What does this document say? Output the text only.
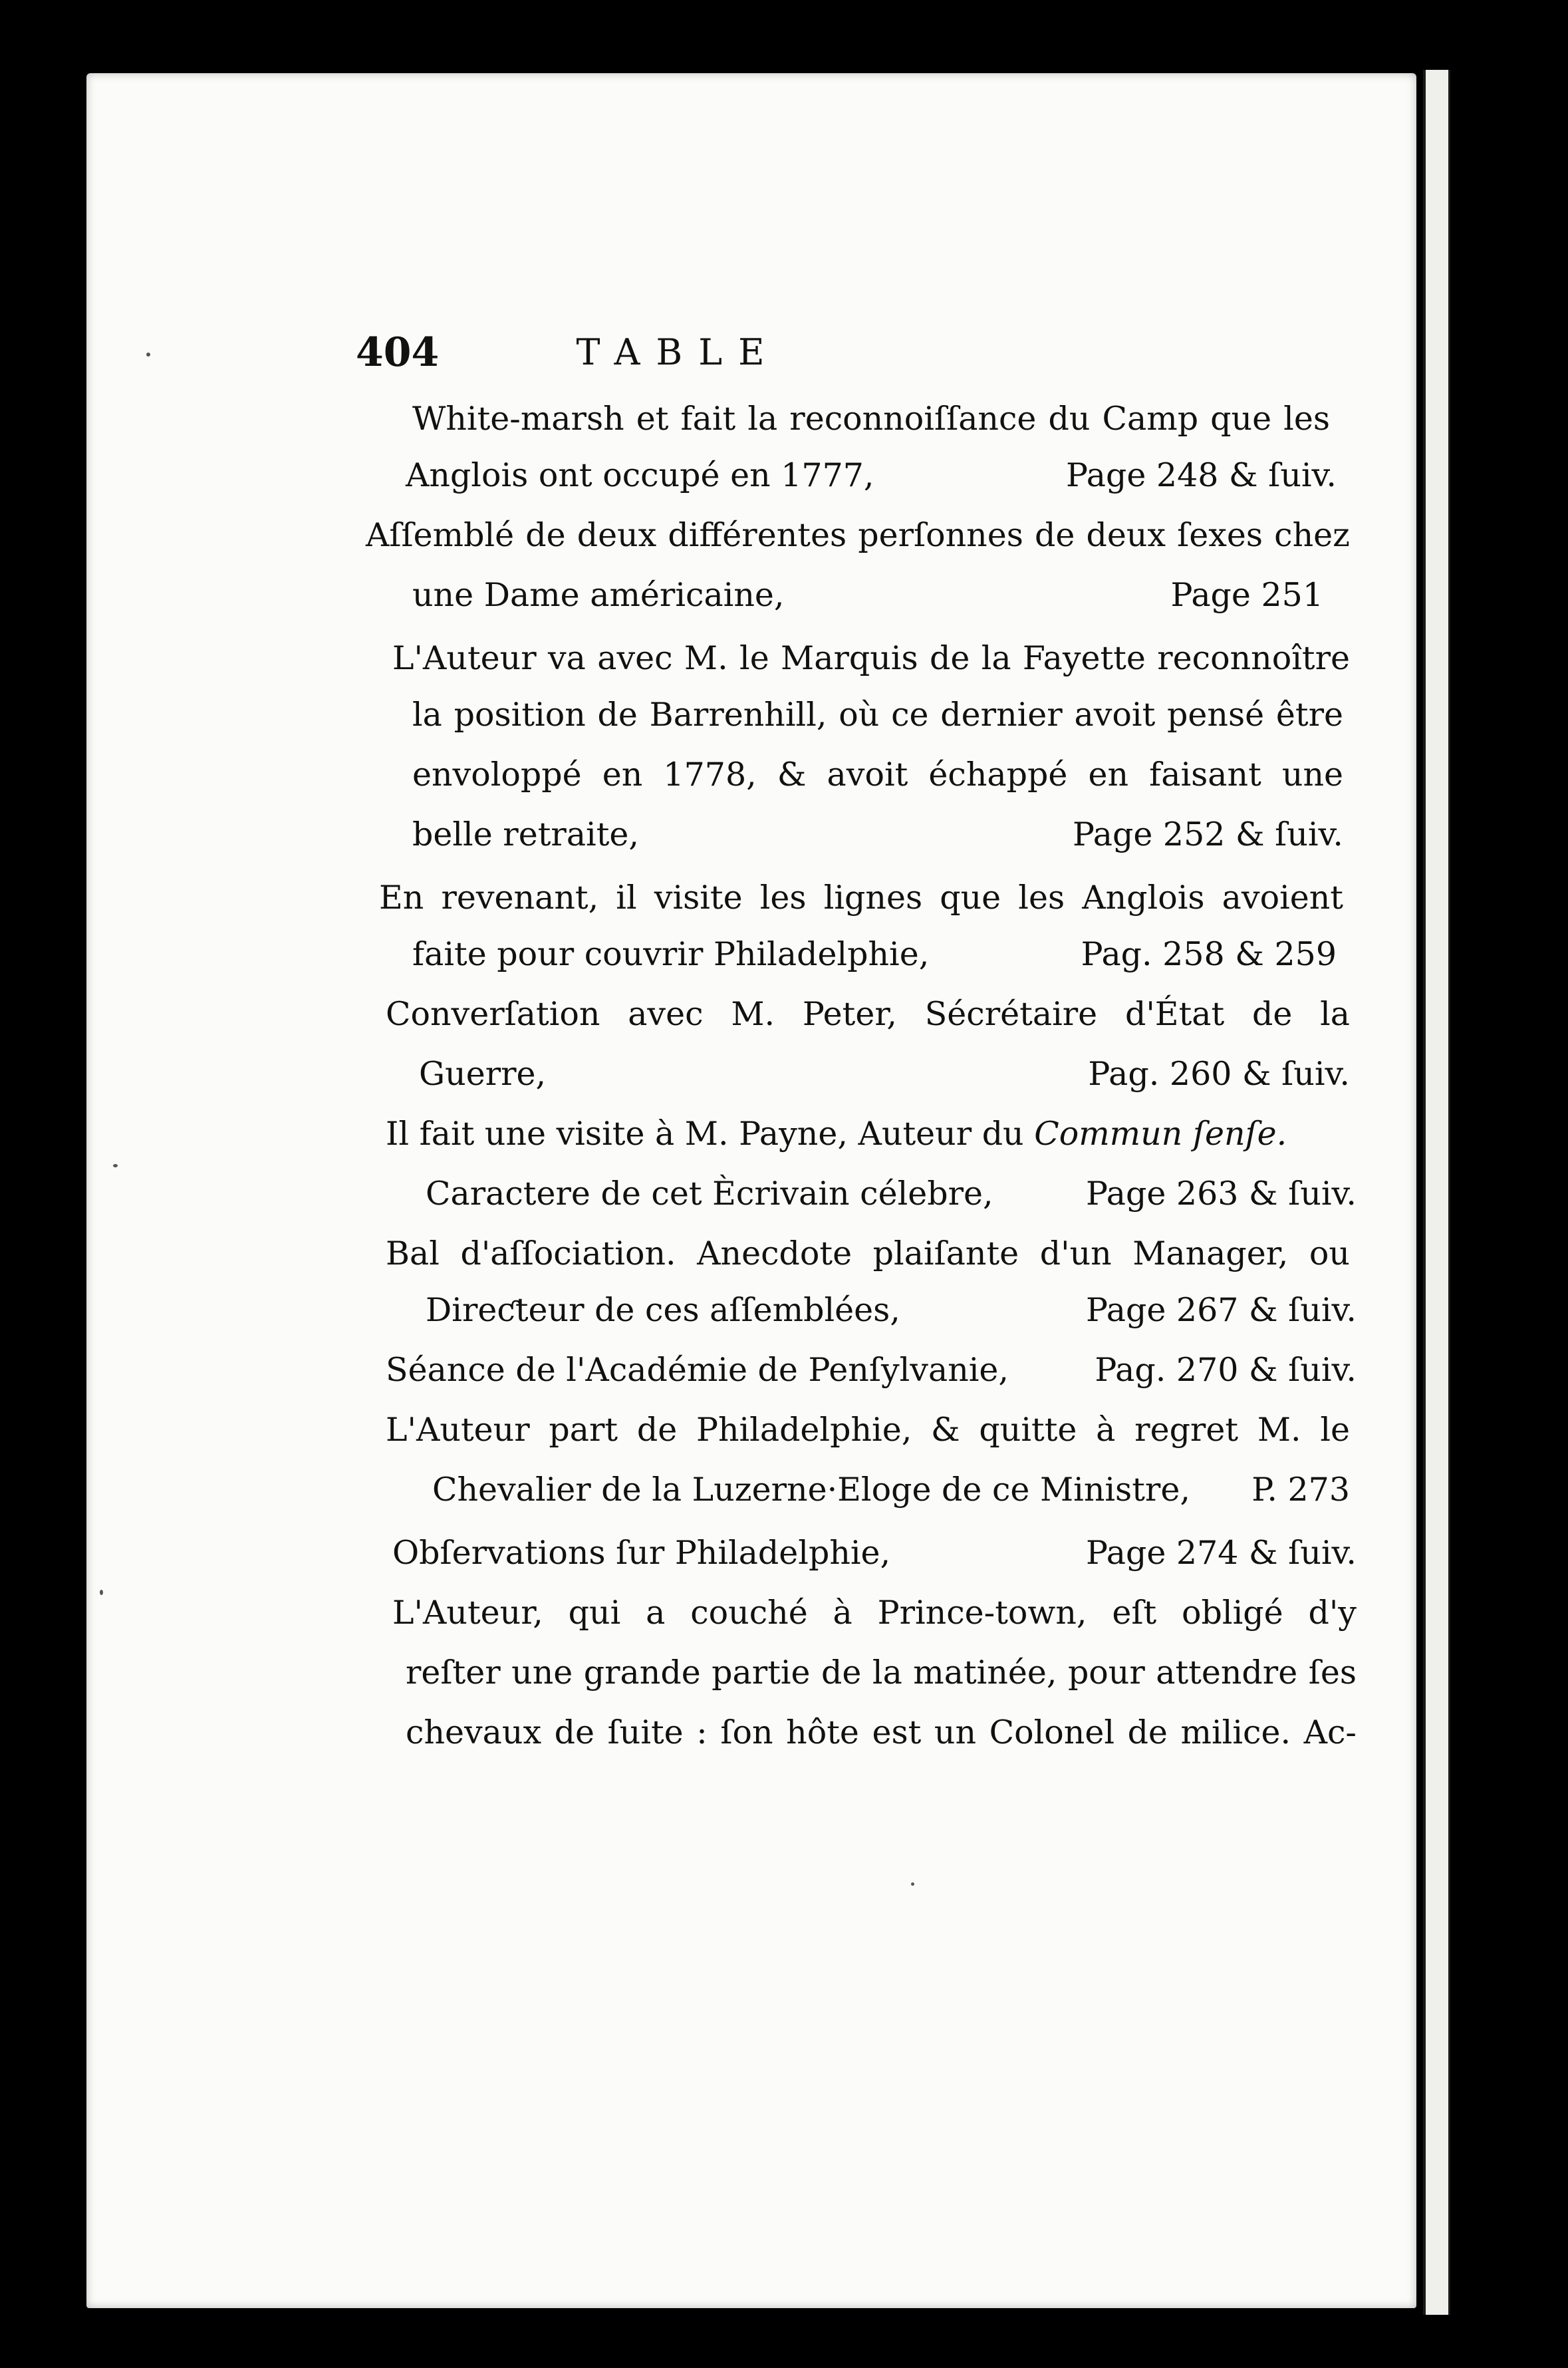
404	TABLE
White-marsh et fait la reconnoiſſance du Camp que les
Anglois ont occupé en 1777,	Page 248 & ſuiv.
Aſſemblé de deux différentes perſonnes de deux ſexes chez
une Dame américaine,	Page 251
L'Auteur va avec M. le Marquis de la Fayette reconnoître
la position de Barrenhill, où ce dernier avoit pensé être
envoloppé en 1778, & avoit échappé en faisant une
belle retraite,	Page 252 & ſuiv.
En revenant, il visite les lignes que les Anglois avoient
faite pour couvrir Philadelphie,	Pag. 258 & 259
Converſation avec M. Peter, Sécrétaire d'État de la
Guerre,	Pag. 260 & ſuiv.
Il fait une visite à M. Payne, Auteur du Commun ſenſe.
Caractere de cet Ècrivain célebre,	Page 263 & ſuiv.
Bal d'aſſociation. Anecdote plaiſante d'un Manager, ou
Direƈteur de ces aſſemblées,	Page 267 & ſuiv.
Séance de l'Académie de Penſylvanie,	Pag. 270 & ſuiv.
L'Auteur part de Philadelphie, & quitte à regret M. le
Chevalier de la Luzerne·Eloge de ce Ministre, P. 273
Obſervations ſur Philadelphie,	Page 274 & ſuiv.
L'Auteur, qui a couché à Prince-town, eſt obligé d'y
reſter une grande partie de la matinée, pour attendre ſes
chevaux de ſuite : ſon hôte est un Colonel de milice. Ac-
